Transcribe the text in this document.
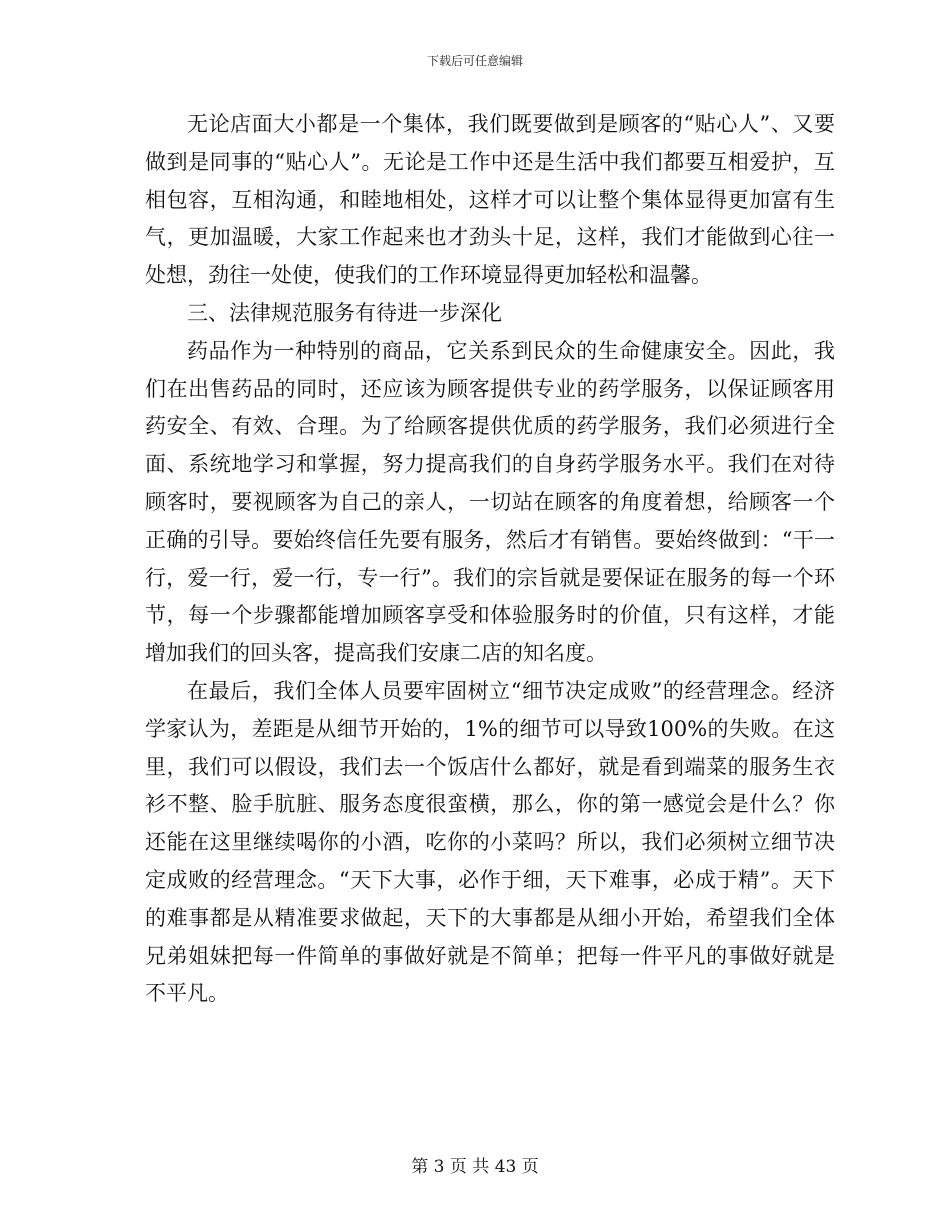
下载后可任意编辑

无论店面大小都是一个集体，我们既要做到是顾客的“贴心人”、又要做到是同事的“贴心人”。无论是工作中还是生活中我们都要互相爱护，互相包容，互相沟通，和睦地相处，这样才可以让整个集体显得更加富有生气，更加温暖，大家工作起来也才劲头十足，这样，我们才能做到心往一处想，劲往一处使，使我们的工作环境显得更加轻松和温馨。

三、法律规范服务有待进一步深化

药品作为一种特别的商品，它关系到民众的生命健康安全。因此，我们在出售药品的同时，还应该为顾客提供专业的药学服务，以保证顾客用药安全、有效、合理。为了给顾客提供优质的药学服务，我们必须进行全面、系统地学习和掌握，努力提高我们的自身药学服务水平。我们在对待顾客时，要视顾客为自己的亲人，一切站在顾客的角度着想，给顾客一个正确的引导。要始终信任先要有服务，然后才有销售。要始终做到：“干一行，爱一行，爱一行，专一行”。我们的宗旨就是要保证在服务的每一个环节，每一个步骤都能增加顾客享受和体验服务时的价值，只有这样，才能增加我们的回头客，提高我们安康二店的知名度。

在最后，我们全体人员要牢固树立“细节决定成败”的经营理念。经济学家认为，差距是从细节开始的，1%的细节可以导致100%的失败。在这里，我们可以假设，我们去一个饭店什么都好，就是看到端菜的服务生衣衫不整、脸手肮脏、服务态度很蛮横，那么，你的第一感觉会是什么？你还能在这里继续喝你的小酒，吃你的小菜吗？所以，我们必须树立细节决定成败的经营理念。“天下大事，必作于细，天下难事，必成于精”。天下的难事都是从精准要求做起，天下的大事都是从细小开始，希望我们全体兄弟姐妹把每一件简单的事做好就是不简单；把每一件平凡的事做好就是不平凡。

第 3 页 共 43 页
